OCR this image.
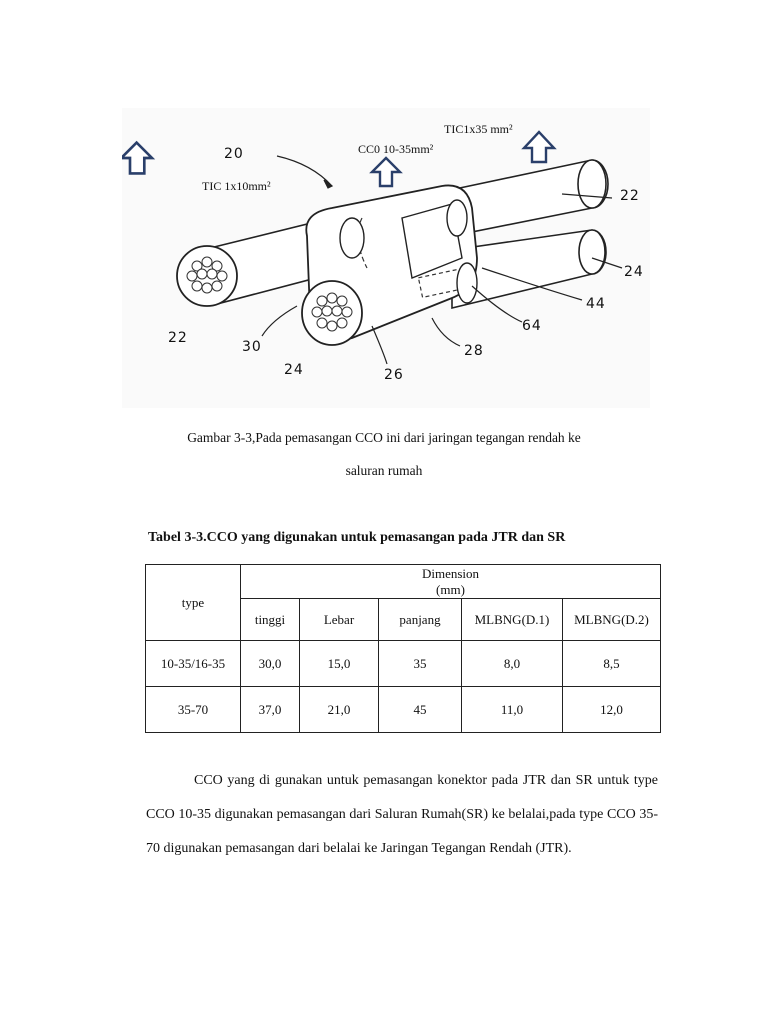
TIC1x35 mm²
CC0 10-35mm²
TIC 1x10mm²
20
22
24
44
64
28
22
30
24	26
Gambar 3-3,Pada pemasangan CCO ini dari jaringan tegangan rendah ke
saluran rumah
Tabel 3-3.CCO yang digunakan untuk pemasangan pada JTR dan SR
type	Dimension
(mm)				

	tinggi	Lebar	panjang	MLBNG(D.1)	MLBNG(D.2)
10-35/16-35	30,0	15,0	35	8,0	8,5
35-70	37,0	21,0	45	11,0	12,0

CCO yang di gunakan untuk pemasangan konektor pada JTR dan SR untuk type CCO 10-35 digunakan pemasangan dari Saluran Rumah(SR) ke belalai,pada type CCO 35- 70 digunakan pemasangan dari belalai ke Jaringan Tegangan Rendah (JTR).
